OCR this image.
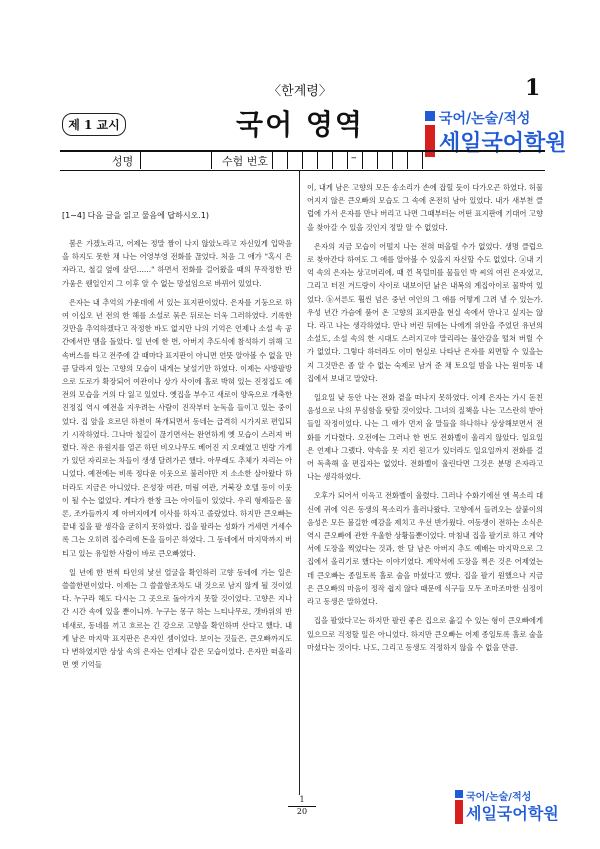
〈한계령〉	1
제 1 교시	국어 영역	국어/논술/적성
세일국어학원
성명	수험 번호	–
[1∼4] 다음 글을 읽고 물음에 답하시오.1)

봄은 가겠노라고, 어제는 정말 짬이 나지 않았노라고 자신있게 입막음을 하지도 못한 채 나는 어영부영 전화를 끊었다. 처음 그 애가 "혹시 은자라고, 철길 옆에 살던……" 하면서 전화를 걸어왔을 때의 무작정한 반가움은 웬일인지 그 이후 알 수 없는 망설임으로 바뀌어 있었다.

은자는 내 추억의 가운데에 서 있는 표지판이었다. 은자를 기둥으로 하여 이십오 년 전의 한 해를 소설로 묶은 뒤로는 더욱 그러하였다. 기록한 것만을 추억하겠다고 작정한 바도 없지만 나의 기억은 언제나 소설 속 공간에서만 맴을 돌았다. 일 년에 한 번, 아버지 추도식에 참석하기 위해 고속버스를 타고 전주에 갈 때마다 표지판이 아니면 언뜻 알아볼 수 없을 만큼 달라져 있는 고향의 모습이 내게는 낯설기만 하였다. 이제는 사방팔방으로 도로가 확장되어 여관이나 상가 사이에 홀로 박혀 있는 진정집도 예전의 모습을 거의 다 잃고 있었다. 옛집을 부수고 새로이 양옥으로 개축한 진정집 역시 예전을 지우려는 사람이 진작부터 눈독을 들이고 있는 중이었다. 집 앞을 흐르던 하천이 복개되면서 동네는 급격히 시가지로 편입되기 시작하였다. 그나마 철길이 끊기면서는 완연하게 옛 모습이 스러져 버렸다. 작은 유원지를 열곤 하던 비오나무도 베어진 지 오래였고 빈량 가게가 있던 자리로는 차들이 생생 달려가곤 했다. 아무래도 추체가 자리는 아니었다. 예전에는 비록 정다운 이웃으로 불러야만 저 소소한 살아왔다 하더라도 지금은 아니었다. 은성장 여관, 미림 여관, 거북장 호텔 등이 이웃이 될 수는 없었다. 게다가 한창 크는 아이들이 있었다. 우리 형제들은 물론, 조카들까지 제 아버지에게 이사를 하자고 졸랐었다. 하지만 큰오빠는 끝내 집을 팔 생각을 굳히지 못하였다. 집을 팔라는 성화가 거세면 거세수록 그는 오히려 집수리에 돈을 들이곤 하였다. 그 동네에서 마지막까지 버티고 있는 유일한 사람이 바로 큰오빠였다.

일 년에 한 번씩 타인의 낯선 얼굴을 확인하러 고향 동네에 가는 일은 쓸쓸한편이었다. 이제는 그 쓸쓸함조차도 내 것으로 남지 않게 될 것이었다. 누구라 해도 다시는 그 곳으로 돌아가지 못할 것이었다. 고향은 지나간 시간 속에 있을 뿐이니까. 누구는 몽구 하는 느티나무로, 갯바위의 반 네새로, 동네를 끼고 흐르는 긴 강으로 고향을 확인하며 산다고 했다. 내게 남은 마지막 표지판은 은자인 셈이었다. 보이는 것들은, 큰오빠까지도 다 변하였지만 상상 속의 은자는 언제나 같은 모습이었다. 은자만 떠올리면 옛 기억들

이, 내게 남은 고향의 모든 송소리가 손에 잡힐 듯이 다가오곤 하였다. 허물어지지 않은 큰오빠의 모습도 그 속에 온전히 남아 있었다. 내가 새부천 클럽에 가서 은자를 만나 버리고 나면 그때부터는 어떤 표지판에 기대어 고향을 찾아갈 수 있을 것인지 정말 알 수 없었다.

은자의 지금 모습이 어떨지 나는 전혀 떠올릴 수가 없었다. 생명 클럽으로 찾아간다 하여도 그 애를 알아볼 수 있을지 자신할 수도 없었다. ⓐ내 기억 속의 은자는 상고머리에, 때 낀 목덜미를 물들인 박 씨의 여린 은자였고, 그리고 터진 겨드랑이 사이로 내보이던 낡은 내복의 계집아이로 물박여 있었다. ⓑ서른도 훨씬 넘은 중년 여인의 그 애를 어떻게 그려 낼 수 있는가. 우성 년간 가슴에 품어 온 고향의 표지판을 현실 속에서 만나고 싶지는 않다. 라고 나는 생각하였다. 만나 버린 뒤에는 나에게 위안을 주었던 유년의 소설도, 소설 속의 한 시대도 스러지고야 말리라는 불안감을 떨쳐 버릴 수가 없었다. 그렇다 하더라도 이미 현실로 나타난 은자를 외면할 수 있을는지 그것만은 좀 알 수 없는 숙제로 남겨 준 채 토요일 밤을 나는 원미동 내 집에서 보내고 말았다.

일요일 낮 동안 나는 전화 곁을 떠나지 못하였다. 이제 은자는 가시 돋친 음성으로 나의 무심함을 탓할 것이었다. 그녀의 질책을 나는 고스란히 받아들일 작정이었다. 나는 그 애가 먼저 올 말들을 하나하나 상상해보면서 전화를 기다렸다. 오전에는 그러나 한 번도 전화벨이 울리지 않았다. 일요일은 언제나 그랬다. 약속을 못 지킨 원고가 있더라도 일요일까지 전화를 걸어 독촉해 올 편집자는 없었다. 전화벨이 울린다면 그것은 분명 은자라고 나는 생각하였다.

오후가 되어서 이윽고 전화벨이 울렸다. 그러나 수화기에선 엔 목소리 대신에 귀에 익은 동생의 목소리가 흘러나왔다. 고향에서 들려오는 살붙이의 음성은 모든 불길한 예감을 제치고 우선 반가웠다. 여동생이 전하는 소식은 역시 큰오빠에 관한 우울한 상황들뿐이었다. 마침내 집을 팔기로 하고 계약서에 도장을 찍었다는 것과, 한 달 남은 아버지 추도 예배는 마지막으로 그 집에서 올리기로 했다는 이야기였다. 계약서에 도장을 찍은 것은 어제였는데 큰오빠는 종일토록 홀로 술을 마셨다고 했다. 집을 팔기 원했으나 지금은 큰오빠의 마음이 정작 쉽지 않다 때문에 식구들 모두 조마조마한 심정이라고 동생은 말하였다.

집을 팔았다고는 하지만 팔린 좋은 집으로 옮길 수 있는 형이 큰오빠에게 있으므로 걱정할 일은 아니었다. 하지만 큰오빠는 어제 종일토록 홀로 술을 마셨다는 것이다. 나도, 그리고 동생도 걱정하지 않을 수 없을 만큼.

1
20
국어/논술/적성
세일국어학원
